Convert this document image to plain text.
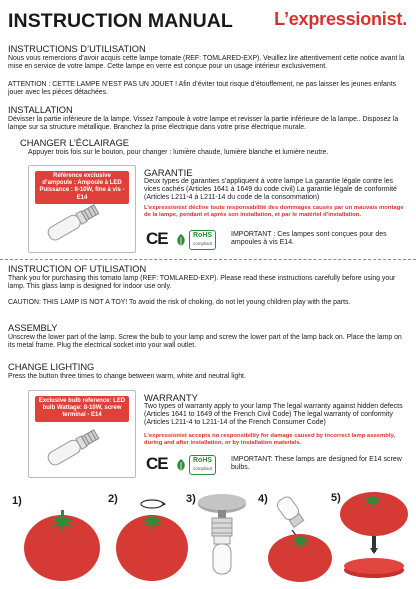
INSTRUCTION MANUAL L’expressionist.
INSTRUCTIONS D’UTILISATION
Nous vous remercions d’avoir acquis cette lampe tomate (REF: TOMLARED-EXP). Veuillez lire attentivement cette notice avant la mise en service de votre lampe. Cette lampe en verre est conçue pour un usage intérieur exclusivement.
ATTENTION : CETTE LAMPE N’EST PAS UN JOUET ! Afin d’éviter tout risque d’étouffement, ne pas laisser les jeunes enfants jouer avec les pièces détachées.
INSTALLATION
Dévisser la partie inférieure de la lampe. Vissez l’ampoule à votre lampe et revisser la partie inférieure de la lampe.. Disposez la lampe sur sa structure métallique. Branchez la prise électrique dans votre prise électrique murale.
CHANGER L’ÉCLAIRAGE
Appuyer trois fois sur le bouton, pour changer : lumière chaude, lumière blanche et lumière neutre.
Référence exclusive d’ampoule : Ampoule à LED Puissance : 8-10W, fine à vis - E14
GARANTIE
Deux types de garanties s’appliquent à votre lampe La garantie légale contre les vices cachés (Articles 1641 à 1649 du code civil) La garantie légale de conformité (Articles L211-4 à L211-14 du code de la consommation)
L’expressionist décline toute responsabilité des dommages causés par un mauvais montage de la lampe, pendant et après son installation, et par le matériel d’installation.
CE	RoHS
compliant
IMPORTANT : Ces lampes sont conçues pour des ampoules à vis E14.
INSTRUCTION OF UTILISATION
Thank you for purchasing this tomato lamp (REF: TOMLARED-EXP). Please read these instructions carefully before using your lamp. This glass lamp is designed for indoor use only.
CAUTION: THIS LAMP IS NOT A TOY! To avoid the risk of choking, do not let young children play with the parts.
ASSEMBLY
Unscrew the lower part of the lamp. Screw the bulb to your lamp and screw the lower part of the lamp back on. Place the lamp on its metal frame. Plug the electrical socket into your wall outlet.
CHANGE LIGHTING
Press the button three times to change between warm, white and neutral light.
Exclusive bulb reference: LED bulb Wattage: 8-10W, screw terminal - E14
WARRANTY
Two types of warranty apply to your lamp The legal warranty against hidden defects (Articles 1641 to 1649 of the French Civil Code) The legal warranty of conformity (Articles L211-4 to L211-14 of the French Consumer Code)
L’expressionist accepts no responsibility for damage caused by incorrect lamp assembly, during and after installation, or by installation materials.
CE	RoHS
compliant
IMPORTANT: These lamps are designed for E14 screw bulbs.
1)	2)	3)	4)	5)
